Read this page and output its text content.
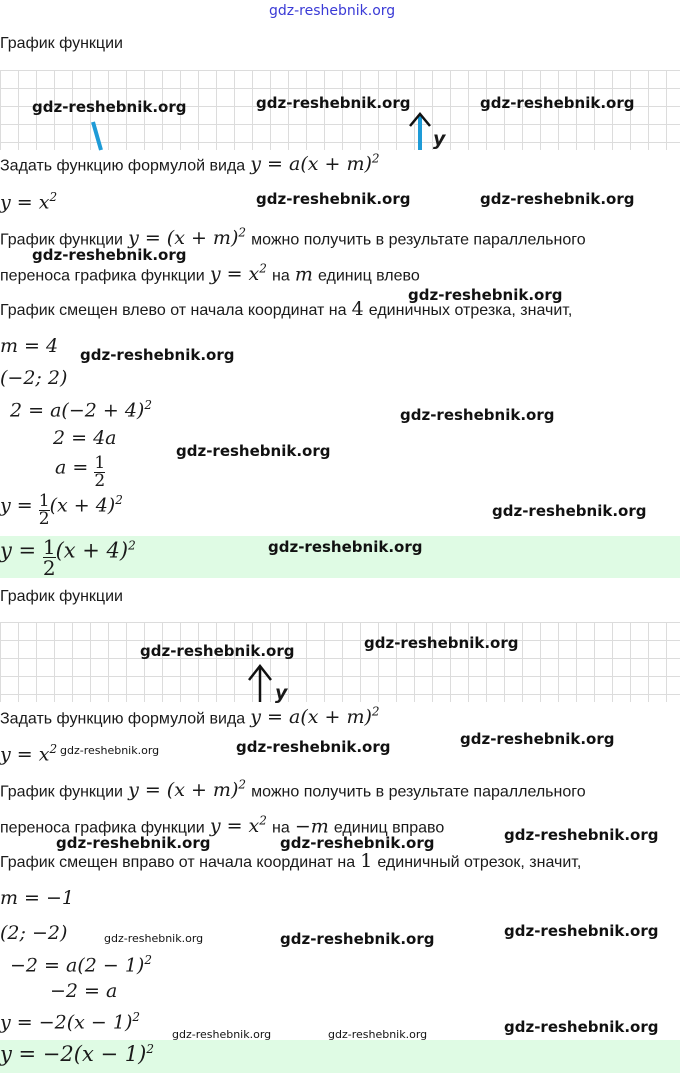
gdz-reshebnik.org
График функции
y
Задать функцию формулой вида $y = a(x + m)^2$
$y = x^2$
График функции $y = (x + m)^2$ можно получить в результате параллельного
переноса графика функции $y = x^2$ на m единиц влево
График смещен влево от начала координат на 4 единичных отрезка, значит,
m = 4
(−2; 2)
$2 = a(-2 + 4)^2$
2 = 4a
$a = \frac{1}{2}$
$y = \frac{1}{2} (x + 4)^2$
$y = \frac{1}{2} (x + 4)^2$
График функции
y
Задать функцию формулой вида $y = a(x + m)^2$
$y = x^2$
График функции $y = (x + m)^2$ можно получить в результате параллельного
переноса графика функции $y = x^2$ на −m единиц вправо
График смещен вправо от начала координат на 1 единичный отрезок, значит,
m = −1
(2; −2)
$-2 = a(2 - 1)^2$
−2 = a
$y = -2(x - 1)^2$
$y = -2(x - 1)^2$
gdz-reshebnik.org	gdz-reshebnik.org	gdz-reshebnik.org
gdz-reshebnik.org	gdz-reshebnik.org
gdz-reshebnik.org
gdz-reshebnik.org
gdz-reshebnik.org
gdz-reshebnik.org
gdz-reshebnik.org
gdz-reshebnik.org
gdz-reshebnik.org
gdz-reshebnik.org
gdz-reshebnik.org
gdz-reshebnik.org	gdz-reshebnik.org	gdz-reshebnik.org
gdz-reshebnik.org
gdz-reshebnik.org	gdz-reshebnik.org
gdz-reshebnik.org	gdz-reshebnik.org	gdz-reshebnik.org
gdz-reshebnik.org	gdz-reshebnik.org	gdz-reshebnik.org
